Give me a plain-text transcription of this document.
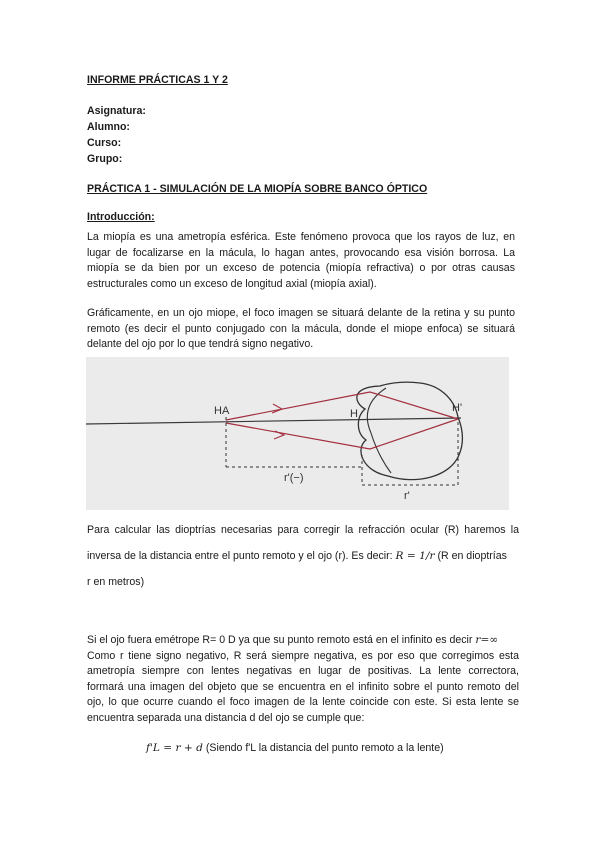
INFORME PRÁCTICAS 1 Y 2
Asignatura:
Alumno:
Curso:
Grupo:
PRÁCTICA 1 - SIMULACIÓN DE LA MIOPÍA SOBRE BANCO ÓPTICO
Introducción:
La miopía es una ametropía esférica. Este fenómeno provoca que los rayos de luz, en
lugar de focalizarse en la mácula, lo hagan antes, provocando esa visión borrosa. La
miopía se da bien por un exceso de potencia (miopía refractiva) o por otras causas
estructurales como un exceso de longitud axial (miopía axial).
Gráficamente, en un ojo miope, el foco imagen se situará delante de la retina y su punto
remoto (es decir el punto conjugado con la mácula, donde el miope enfoca) se situará
delante del ojo por lo que tendrá signo negativo.
HA	H	H'
r'(−)
r'
Para calcular las dioptrías necesarias para corregir la refracción ocular (R) haremos la
inversa de la distancia entre el punto remoto y el ojo (r). Es decir: R = 1/r (R en dioptrías
r en metros)
Si el ojo fuera emétrope R= 0 D ya que su punto remoto está en el infinito es decir r=∞
Como r tiene signo negativo, R será siempre negativa, es por eso que corregimos esta
ametropía siempre con lentes negativas en lugar de positivas. La lente correctora,
formará una imagen del objeto que se encuentra en el infinito sobre el punto remoto del
ojo, lo que ocurre cuando el foco imagen de la lente coincide con este. Si esta lente se
encuentra separada una distancia d del ojo se cumple que:
f'L = r + d (Siendo f'L la distancia del punto remoto a la lente)
